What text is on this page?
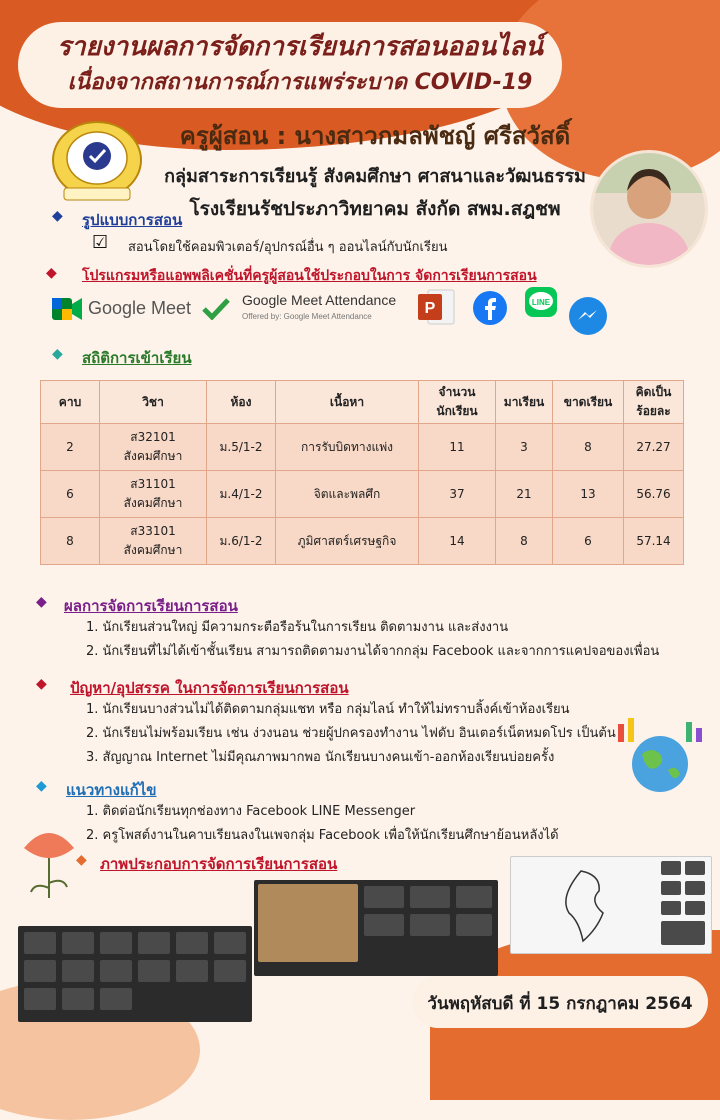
รายงานผลการจัดการเรียนการสอนออนไลน์
เนื่องจากสถานการณ์การแพร่ระบาด COVID-19
ครูผู้สอน : นางสาวกมลพัชญ์ ศรีสวัสดิ์
กลุ่มสาระการเรียนรู้ สังคมศึกษา ศาสนาและวัฒนธรรม
โรงเรียนรัชประภาวิทยาคม สังกัด สพม.สฎชพ
◆ รูปแบบการสอน
☑ สอนโดยใช้คอมพิวเตอร์/อุปกรณ์อื่น ๆ ออนไลน์กับนักเรียน
◆ โปรแกรมหรือแอพพลิเคชั่นที่ครูผู้สอนใช้ประกอบในการ จัดการเรียนการสอน
Google Meet	Google Meet Attendance
Offered by: Google Meet Attendance	P	LINE
◆ สถิติการเข้าเรียน
คาบ	วิชา	ห้อง	เนื้อหา	จำนวนนักเรียน	มาเรียน	ขาดเรียน	คิดเป็นร้อยละ
2	ส32101 สังคมศึกษา	ม.5/1-2	การรับบิดทางแพ่ง	11	3	8	27.27
6	ส31101 สังคมศึกษา	ม.4/1-2	จิตและพลศึก	37	21	13	56.76
8	ส33101 สังคมศึกษา	ม.6/1-2	ภูมิศาสตร์เศรษฐกิจ	14	8	6	57.14
◆ ผลการจัดการเรียนการสอน
1. นักเรียนส่วนใหญ่ มีความกระตือรือร้นในการเรียน ติดตามงาน และส่งงาน
2. นักเรียนที่ไม่ได้เข้าชั้นเรียน สามารถติดตามงานได้จากกลุ่ม Facebook และจากการแคปจอของเพื่อน
◆ ปัญหา/อุปสรรค ในการจัดการเรียนการสอน
1. นักเรียนบางส่วนไม่ได้ติดตามกลุ่มแชท หรือ กลุ่มไลน์ ทำให้ไม่ทราบลิ้งค์เข้าห้องเรียน
2. นักเรียนไม่พร้อมเรียน เช่น ง่วงนอน ช่วยผู้ปกครองทำงาน ไฟดับ อินเตอร์เน็ตหมดโปร เป็นต้น
3. สัญญาณ Internet ไม่มีคุณภาพมากพอ นักเรียนบางคนเข้า-ออกห้องเรียนบ่อยครั้ง
◆ แนวทางแก้ไข
1. ติดต่อนักเรียนทุกช่องทาง Facebook LINE Messenger
2. ครูโพสต์งานในคาบเรียนลงในเพจกลุ่ม Facebook เพื่อให้นักเรียนศึกษาย้อนหลังได้
◆ ภาพประกอบการจัดการเรียนการสอน
วันพฤหัสบดี ที่ 15 กรกฎาคม 2564
